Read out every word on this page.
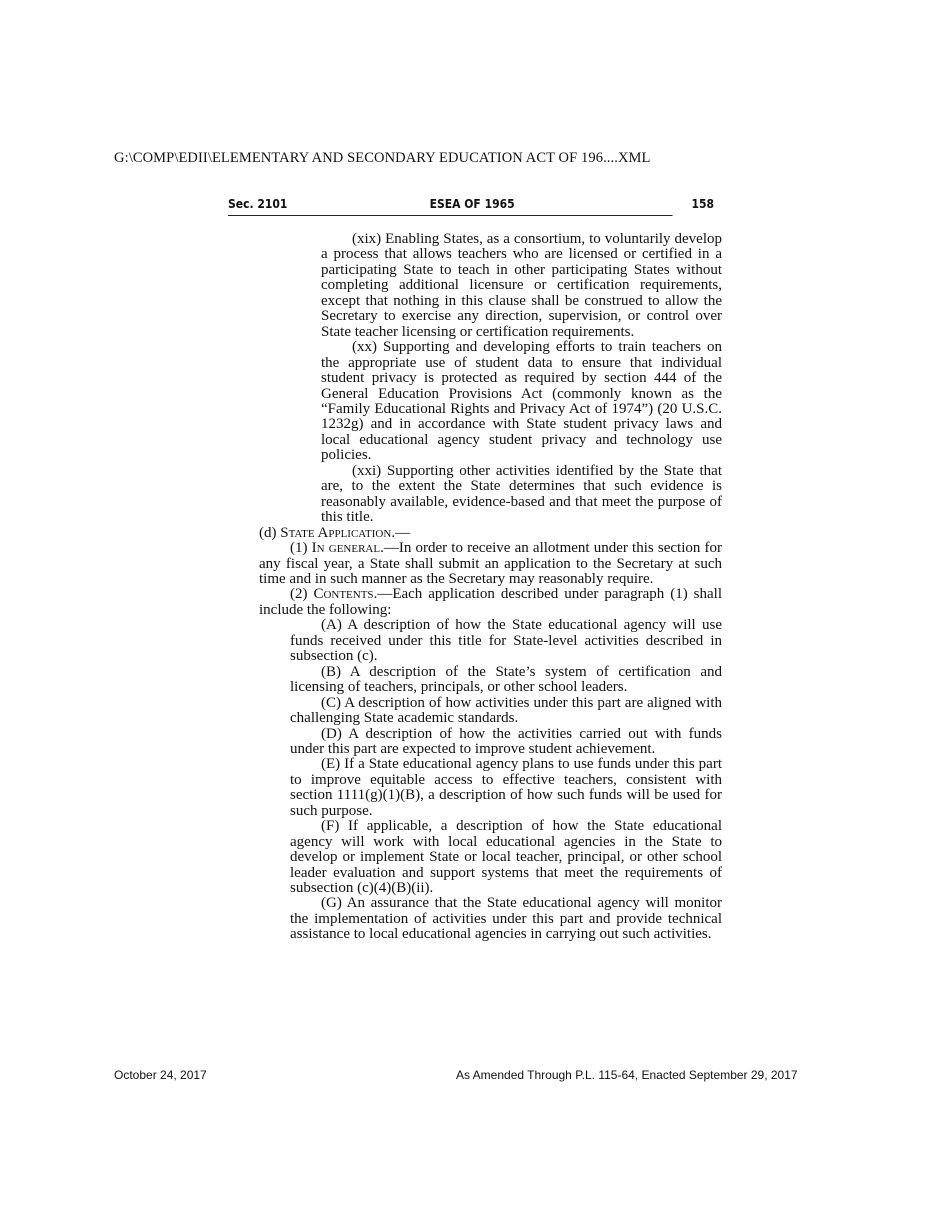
G:\COMP\EDII\ELEMENTARY AND SECONDARY EDUCATION ACT OF 196....XML
Sec. 2101	ESEA OF 1965	158
(xix) Enabling States, as a consortium, to voluntarily develop a process that allows teachers who are licensed or certified in a participating State to teach in other participating States without completing additional licensure or certification requirements, except that nothing in this clause shall be construed to allow the Secretary to exercise any direction, supervision, or control over State teacher licensing or certification requirements.
(xx) Supporting and developing efforts to train teachers on the appropriate use of student data to ensure that individual student privacy is protected as required by section 444 of the General Education Provisions Act (commonly known as the “Family Educational Rights and Privacy Act of 1974”) (20 U.S.C. 1232g) and in accordance with State student privacy laws and local educational agency student privacy and technology use policies.
(xxi) Supporting other activities identified by the State that are, to the extent the State determines that such evidence is reasonably available, evidence-based and that meet the purpose of this title.
(d) State Application.—
(1) In general.—In order to receive an allotment under this section for any fiscal year, a State shall submit an application to the Secretary at such time and in such manner as the Secretary may reasonably require.
(2) Contents.—Each application described under paragraph (1) shall include the following:
(A) A description of how the State educational agency will use funds received under this title for State-level activities described in subsection (c).
(B) A description of the State’s system of certification and licensing of teachers, principals, or other school leaders.
(C) A description of how activities under this part are aligned with challenging State academic standards.
(D) A description of how the activities carried out with funds under this part are expected to improve student achievement.
(E) If a State educational agency plans to use funds under this part to improve equitable access to effective teachers, consistent with section 1111(g)(1)(B), a description of how such funds will be used for such purpose.
(F) If applicable, a description of how the State educational agency will work with local educational agencies in the State to develop or implement State or local teacher, principal, or other school leader evaluation and support systems that meet the requirements of subsection (c)(4)(B)(ii).
(G) An assurance that the State educational agency will monitor the implementation of activities under this part and provide technical assistance to local educational agencies in carrying out such activities.
October 24, 2017	As Amended Through P.L. 115-64, Enacted September 29, 2017
